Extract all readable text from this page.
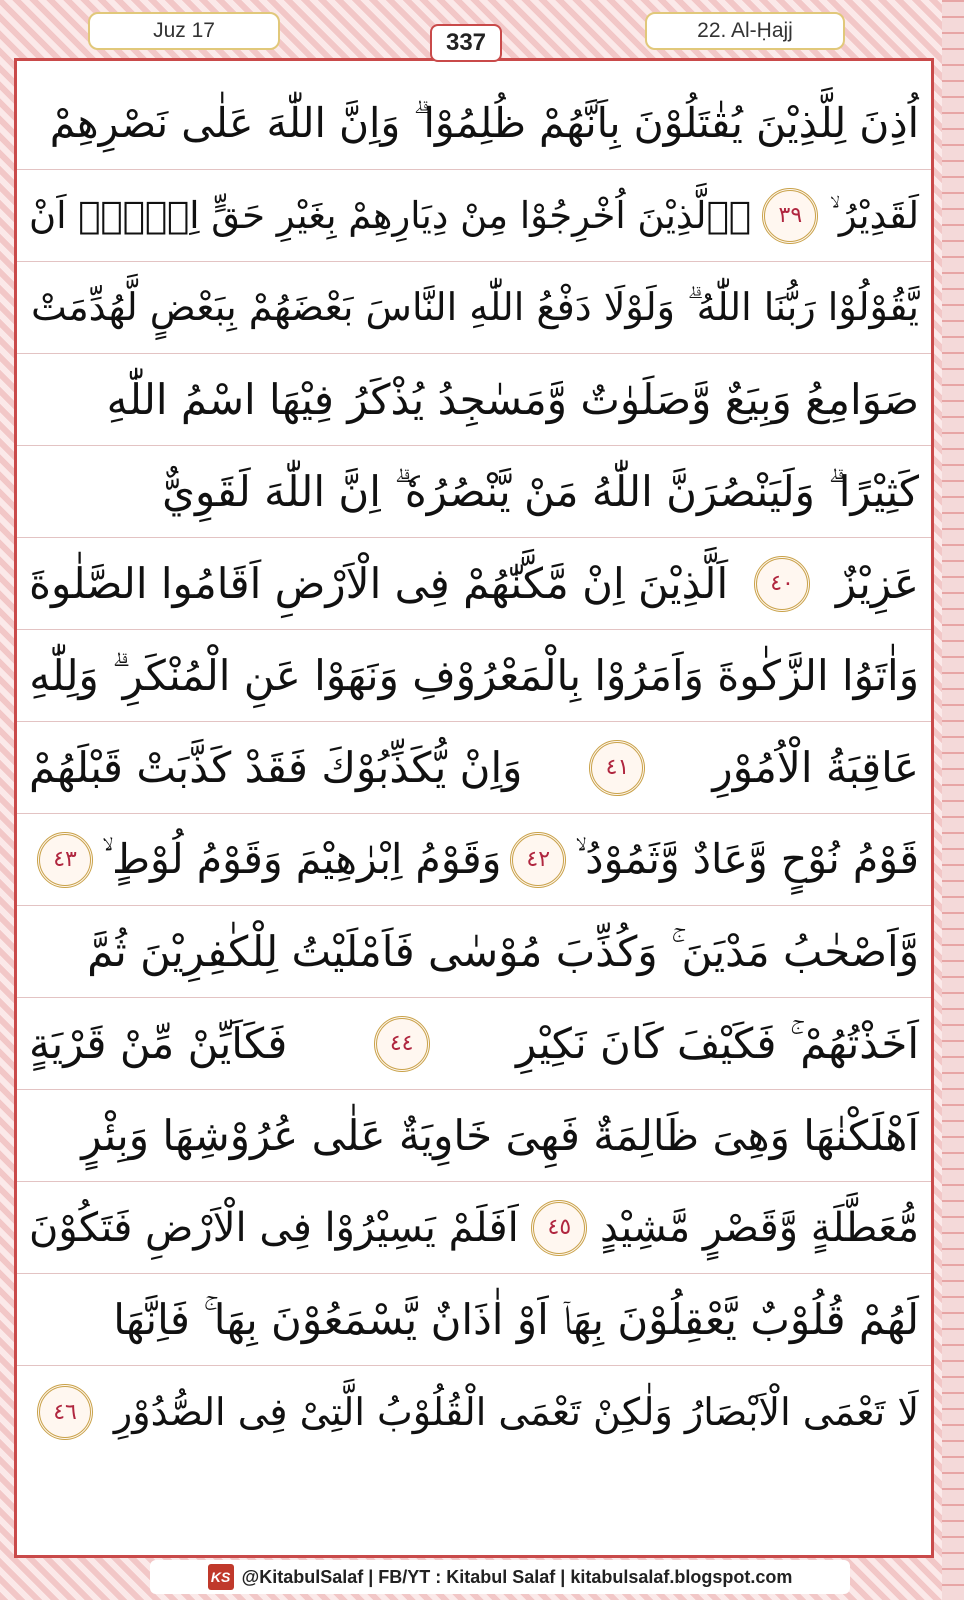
Juz 17	337	22. Al-Ḥajj
اُذِنَ لِلَّذِيْنَ يُقٰتَلُوْنَ بِاَنَّهُمْ ظُلِمُوْا ۗ وَاِنَّ اللّٰهَ عَلٰى نَصْرِهِمْ
لَقَدِيْرُ ۙ
٣٩
اۨلَّذِيْنَ اُخْرِجُوْا مِنْ دِيَارِهِمْ بِغَيْرِ حَقٍّ اِلَّاۤ اَنْ
يَّقُوْلُوْا رَبُّنَا اللّٰهُ ۗ وَلَوْلَا دَفْعُ اللّٰهِ النَّاسَ بَعْضَهُمْ بِبَعْضٍ لَّهُدِّمَتْ
صَوَامِعُ وَبِيَعٌ وَّصَلَوٰتٌ وَّمَسٰجِدُ يُذْكَرُ فِيْهَا اسْمُ اللّٰهِ
كَثِيْرًا ۗ وَلَيَنْصُرَنَّ اللّٰهُ مَنْ يَّنْصُرُهٗ ۗ اِنَّ اللّٰهَ لَقَوِيٌّ
عَزِيْزٌ
٤٠
اَلَّذِيْنَ اِنْ مَّكَّنّٰهُمْ فِى الْاَرْضِ اَقَامُوا الصَّلٰوةَ
وَاٰتَوُا الزَّكٰوةَ وَاَمَرُوْا بِالْمَعْرُوْفِ وَنَهَوْا عَنِ الْمُنْكَرِ ۗ وَلِلّٰهِ
عَاقِبَةُ الْاُمُوْرِ
٤١
وَاِنْ يُّكَذِّبُوْكَ فَقَدْ كَذَّبَتْ قَبْلَهُمْ
قَوْمُ نُوْحٍ وَّعَادٌ وَّثَمُوْدُ ۙ
٤٢
وَقَوْمُ اِبْرٰهِيْمَ وَقَوْمُ لُوْطٍ ۙ
٤٣
وَّاَصْحٰبُ مَدْيَنَ ۚ وَكُذِّبَ مُوْسٰى فَاَمْلَيْتُ لِلْكٰفِرِيْنَ ثُمَّ
اَخَذْتُهُمْ ۚ فَكَيْفَ كَانَ نَكِيْرِ
٤٤
فَكَاَيِّنْ مِّنْ قَرْيَةٍ
اَهْلَكْنٰهَا وَهِىَ ظَالِمَةٌ فَهِىَ خَاوِيَةٌ عَلٰى عُرُوْشِهَا وَبِئْرٍ
مُّعَطَّلَةٍ وَّقَصْرٍ مَّشِيْدٍ
٤٥
اَفَلَمْ يَسِيْرُوْا فِى الْاَرْضِ فَتَكُوْنَ
لَهُمْ قُلُوْبٌ يَّعْقِلُوْنَ بِهَاۤ اَوْ اٰذَانٌ يَّسْمَعُوْنَ بِهَا ۚ فَاِنَّهَا
لَا تَعْمَى الْاَبْصَارُ وَلٰكِنْ تَعْمَى الْقُلُوْبُ الَّتِىْ فِى الصُّدُوْرِ
٤٦
KS @KitabulSalaf | FB/YT : Kitabul Salaf | kitabulsalaf.blogspot.com
